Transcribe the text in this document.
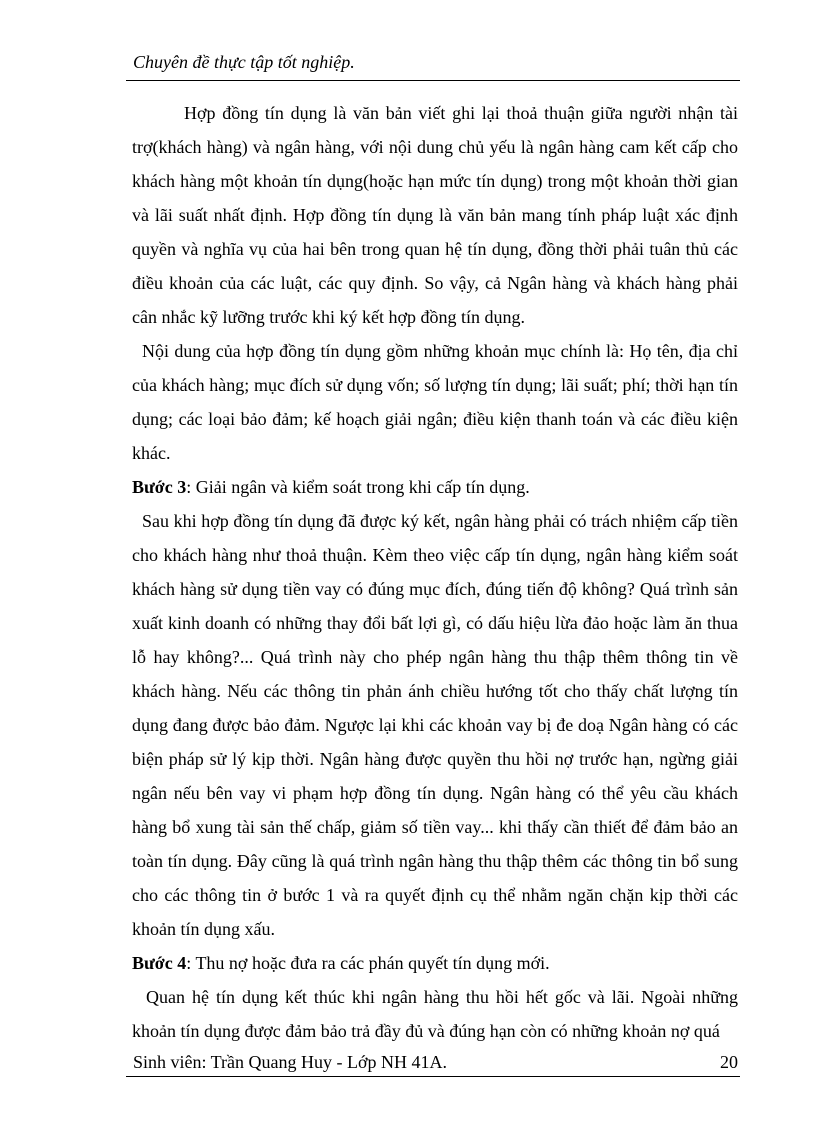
Chuyên đề thực tập tốt nghiệp.

Hợp đồng tín dụng là văn bản viết ghi lại thoả thuận giữa người nhận tài trợ(khách hàng) và ngân hàng, với nội dung chủ yếu là ngân hàng cam kết cấp cho khách hàng một khoản tín dụng(hoặc hạn mức tín dụng) trong một khoản thời gian và lãi suất nhất định. Hợp đồng tín dụng là văn bản mang tính pháp luật xác định quyền và nghĩa vụ của hai bên trong quan hệ tín dụng, đồng thời phải tuân thủ các điều khoản của các luật, các quy định. So vậy, cả Ngân hàng và khách hàng phải cân nhắc kỹ lưỡng trước khi ký kết hợp đồng tín dụng.

Nội dung của hợp đồng tín dụng gồm những khoản mục chính là: Họ tên, địa chỉ của khách hàng; mục đích sử dụng vốn; số lượng tín dụng; lãi suất; phí; thời hạn tín dụng; các loại bảo đảm; kế hoạch giải ngân; điều kiện thanh toán và các điều kiện khác.

Bước 3: Giải ngân và kiểm soát trong khi cấp tín dụng.

Sau khi hợp đồng tín dụng đã được ký kết, ngân hàng phải có trách nhiệm cấp tiền cho khách hàng như thoả thuận. Kèm theo việc cấp tín dụng, ngân hàng kiểm soát khách hàng sử dụng tiền vay có đúng mục đích, đúng tiến độ không? Quá trình sản xuất kinh doanh có những thay đổi bất lợi gì, có dấu hiệu lừa đảo hoặc làm ăn thua lỗ hay không?... Quá trình này cho phép ngân hàng thu thập thêm thông tin về khách hàng. Nếu các thông tin phản ánh chiều hướng tốt cho thấy chất lượng tín dụng đang được bảo đảm. Ngược lại khi các khoản vay bị đe doạ Ngân hàng có các biện pháp sử lý kịp thời. Ngân hàng được quyền thu hồi nợ trước hạn, ngừng giải ngân nếu bên vay vi phạm hợp đồng tín dụng. Ngân hàng có thể yêu cầu khách hàng bổ xung tài sản thế chấp, giảm số tiền vay... khi thấy cần thiết để đảm bảo an toàn tín dụng. Đây cũng là quá trình ngân hàng thu thập thêm các thông tin bổ sung cho các thông tin ở bước 1 và ra quyết định cụ thể nhằm ngăn chặn kịp thời các khoản tín dụng xấu.

Bước 4: Thu nợ hoặc đưa ra các phán quyết tín dụng mới.

Quan hệ tín dụng kết thúc khi ngân hàng thu hồi hết gốc và lãi. Ngoài những khoản tín dụng được đảm bảo trả đầy đủ và đúng hạn còn có những khoản nợ quá

Sinh viên: Trần Quang Huy - Lớp NH 41A.	20
